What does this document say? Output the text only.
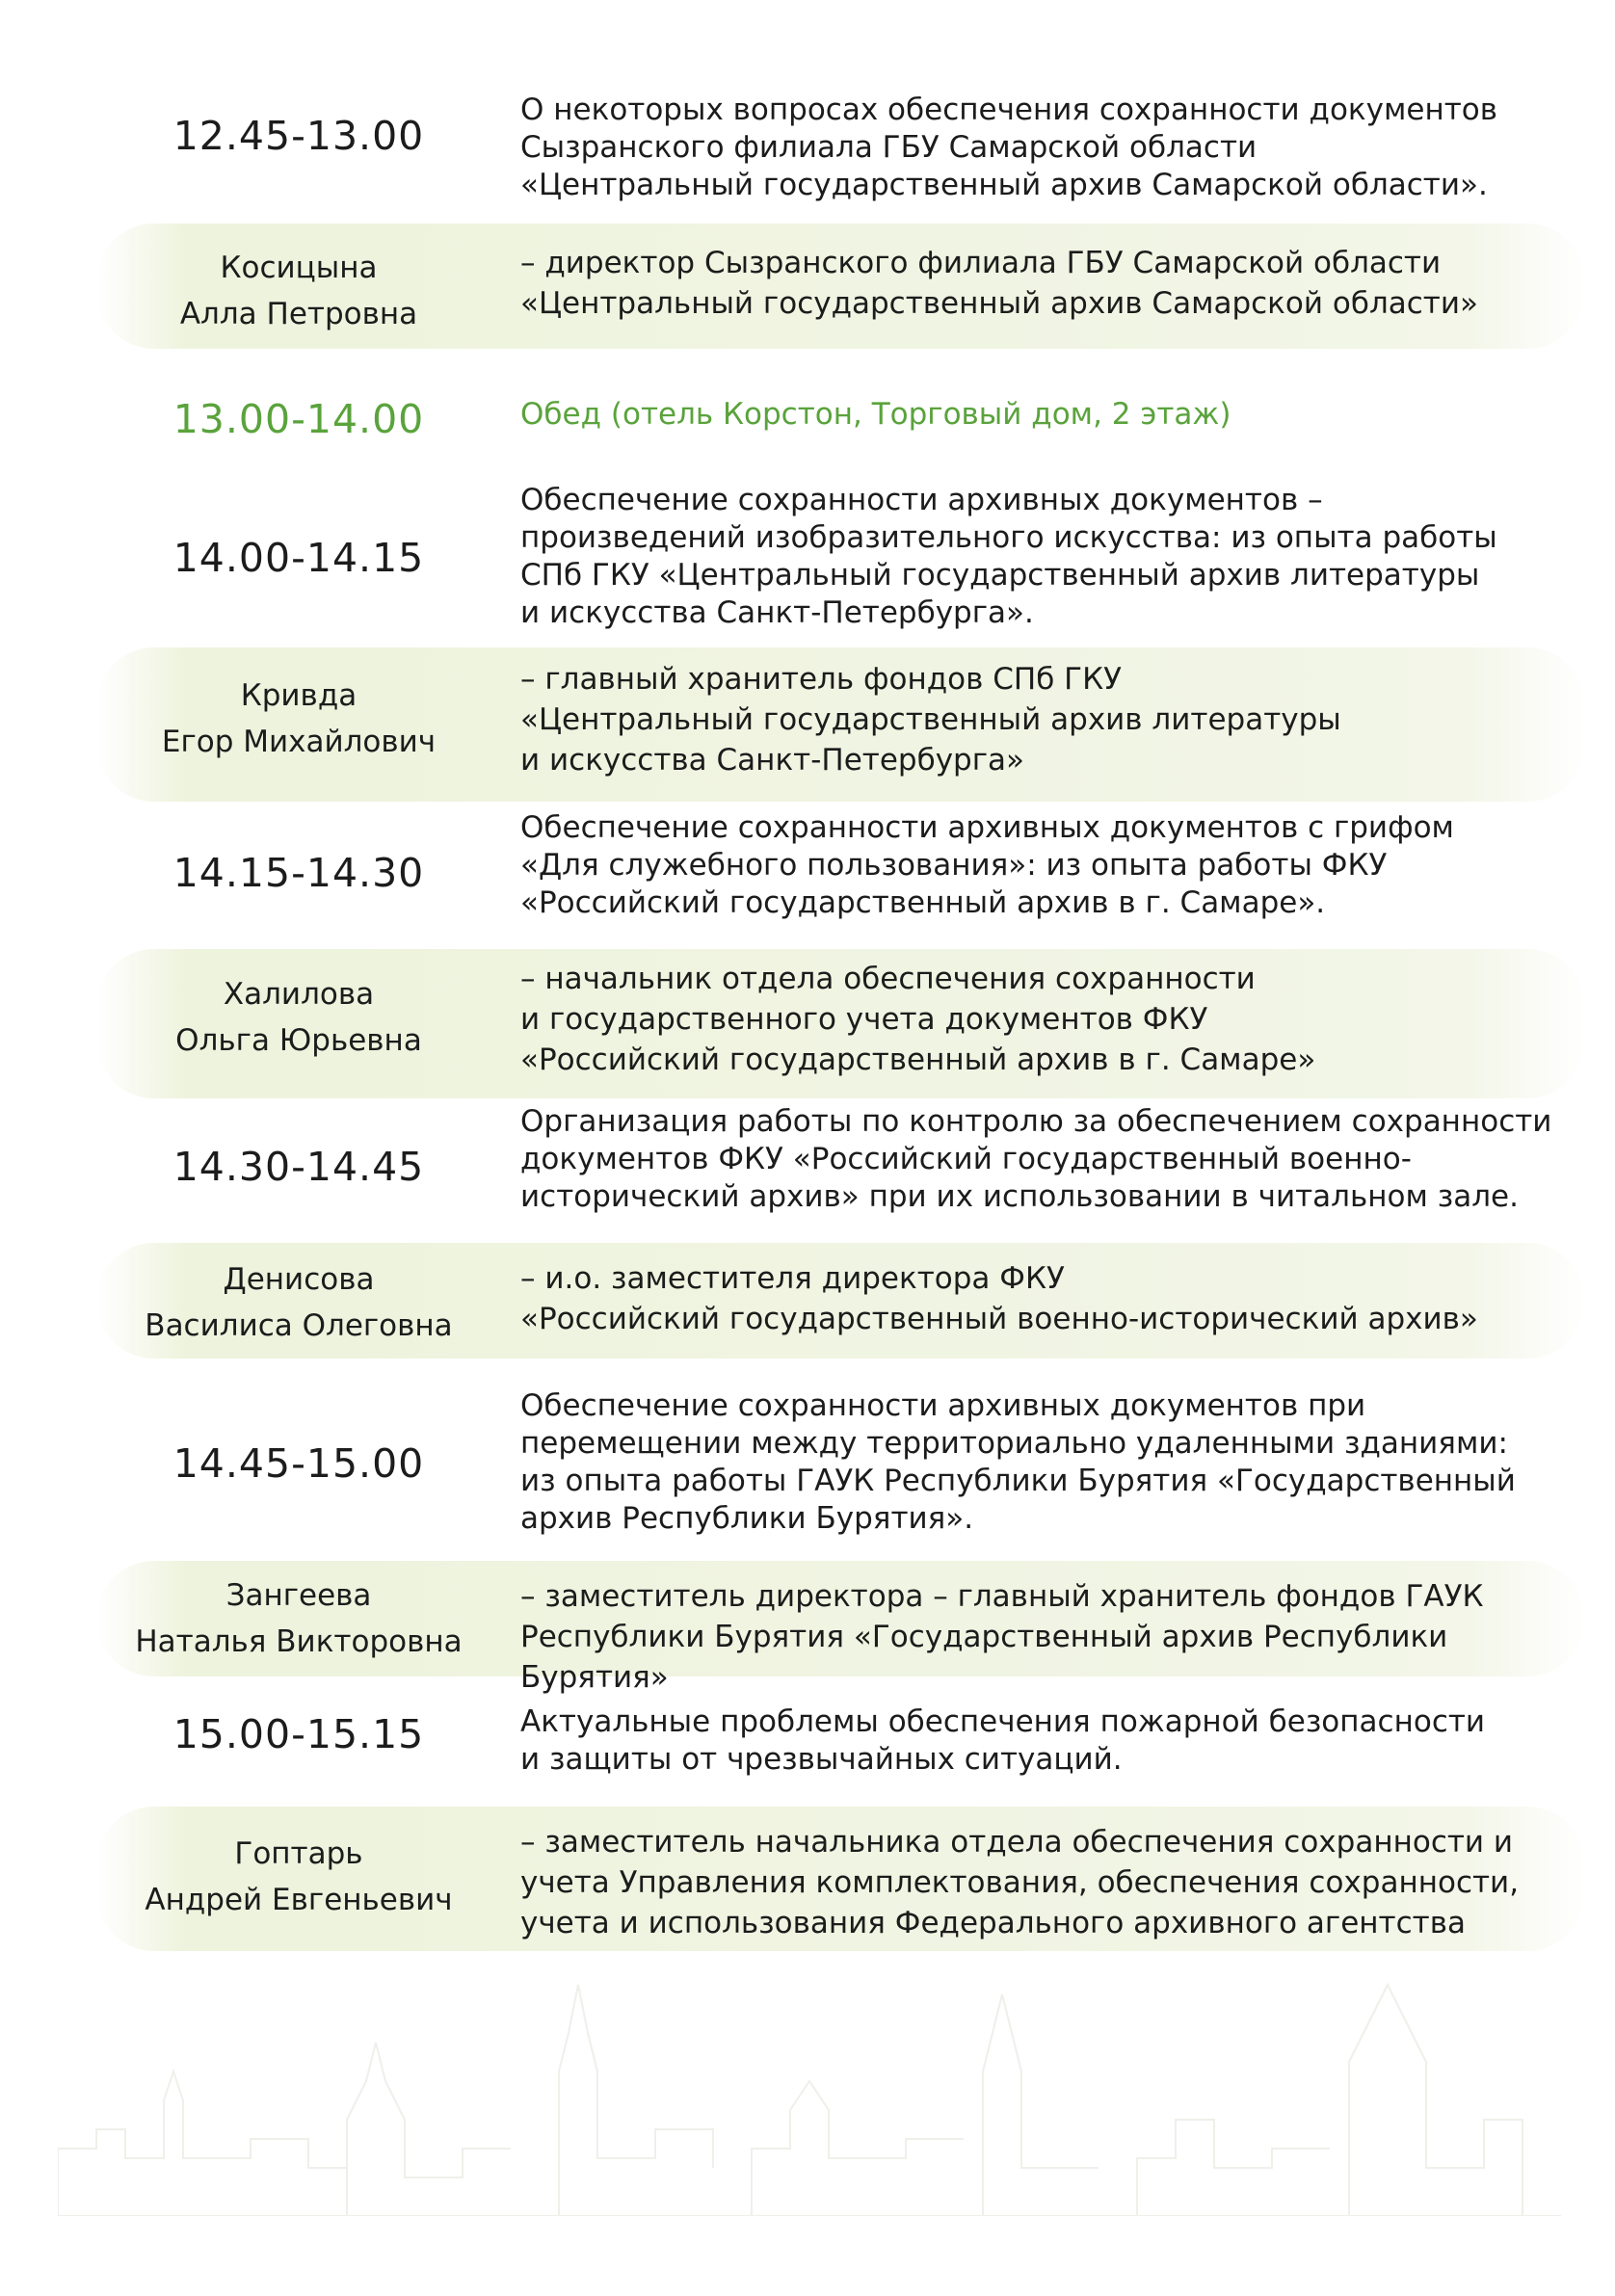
12.45-13.00
О некоторых вопросах обеспечения сохранности документов
Сызранского филиала ГБУ Самарской области
«Центральный государственный архив Самарской области».
Косицына
Алла Петровна
– директор Сызранского филиала ГБУ Самарской области
«Центральный государственный архив Самарской области»
13.00-14.00	Обед (отель Корстон, Торговый дом, 2 этаж)
14.00-14.15
Обеспечение сохранности архивных документов –
произведений изобразительного искусства: из опыта работы
СПб ГКУ «Центральный государственный архив литературы
и искусства Санкт-Петербурга».
Кривда
Егор Михайлович
– главный хранитель фондов СПб ГКУ
«Центральный государственный архив литературы
и искусства Санкт-Петербурга»
14.15-14.30
Обеспечение сохранности архивных документов с грифом
«Для служебного пользования»: из опыта работы ФКУ
«Российский государственный архив в г. Самаре».
Халилова
Ольга Юрьевна
– начальник отдела обеспечения сохранности
и государственного учета документов ФКУ
«Российский государственный архив в г. Самаре»
14.30-14.45
Организация работы по контролю за обеспечением сохранности
документов ФКУ «Российский государственный военно-
исторический архив» при их использовании в читальном зале.
Денисова
Василиса Олеговна
– и.о. заместителя директора ФКУ
«Российский государственный военно-исторический архив»
14.45-15.00
Обеспечение сохранности архивных документов при
перемещении между территориально удаленными зданиями:
из опыта работы ГАУК Республики Бурятия «Государственный
архив Республики Бурятия».
Зангеева
Наталья Викторовна
– заместитель директора – главный хранитель фондов ГАУК
Республики Бурятия «Государственный архив Республики Бурятия»
15.00-15.15	Актуальные проблемы обеспечения пожарной безопасности
и защиты от чрезвычайных ситуаций.
Гоптарь
Андрей Евгеньевич
– заместитель начальника отдела обеспечения сохранности и
учета Управления комплектования, обеспечения сохранности,
учета и использования Федерального архивного агентства
